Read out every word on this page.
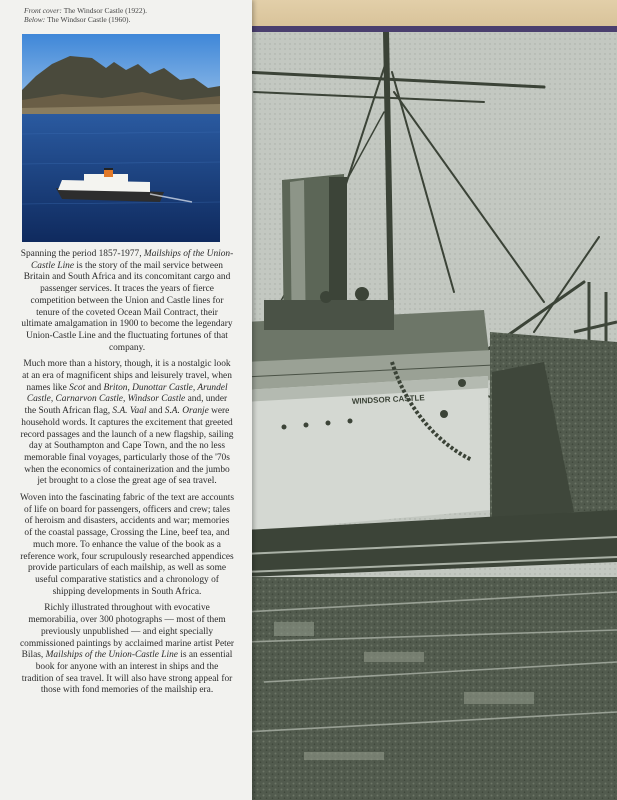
WINDSOR CASTLE
Front cover: The Windsor Castle (1922).
Below: The Windsor Castle (1960).

Spanning the period 1857-1977, Mailships of the Union-Castle Line is the story of the mail service between Britain and South Africa and its concomitant cargo and passenger services. It traces the years of fierce competition between the Union and Castle lines for tenure of the coveted Ocean Mail Contract, their ultimate amalgamation in 1900 to become the legendary Union-Castle Line and the fluctuating fortunes of that company.

Much more than a history, though, it is a nostalgic look at an era of magnificent ships and leisurely travel, when names like Scot and Briton, Dunottar Castle, Arundel Castle, Carnarvon Castle, Windsor Castle and, under the South African flag, S.A. Vaal and S.A. Oranje were household words. It captures the excitement that greeted record passages and the launch of a new flagship, sailing day at Southampton and Cape Town, and the no less memorable final voyages, particularly those of the '70s when the economics of containerization and the jumbo jet brought to a close the great age of sea travel.

Woven into the fascinating fabric of the text are accounts of life on board for passengers, officers and crew; tales of heroism and disasters, accidents and war; memories of the coastal passage, Crossing the Line, beef tea, and much more. To enhance the value of the book as a reference work, four scrupulously researched appendices provide particulars of each mailship, as well as some useful comparative statistics and a chronology of shipping developments in South Africa.

Richly illustrated throughout with evocative memorabilia, over 300 photographs — most of them previously unpublished — and eight specially commissioned paintings by acclaimed marine artist Peter Bilas, Mailships of the Union-Castle Line is an essential book for anyone with an interest in ships and the tradition of sea travel. It will also have strong appeal for those with fond memories of the mailship era.
